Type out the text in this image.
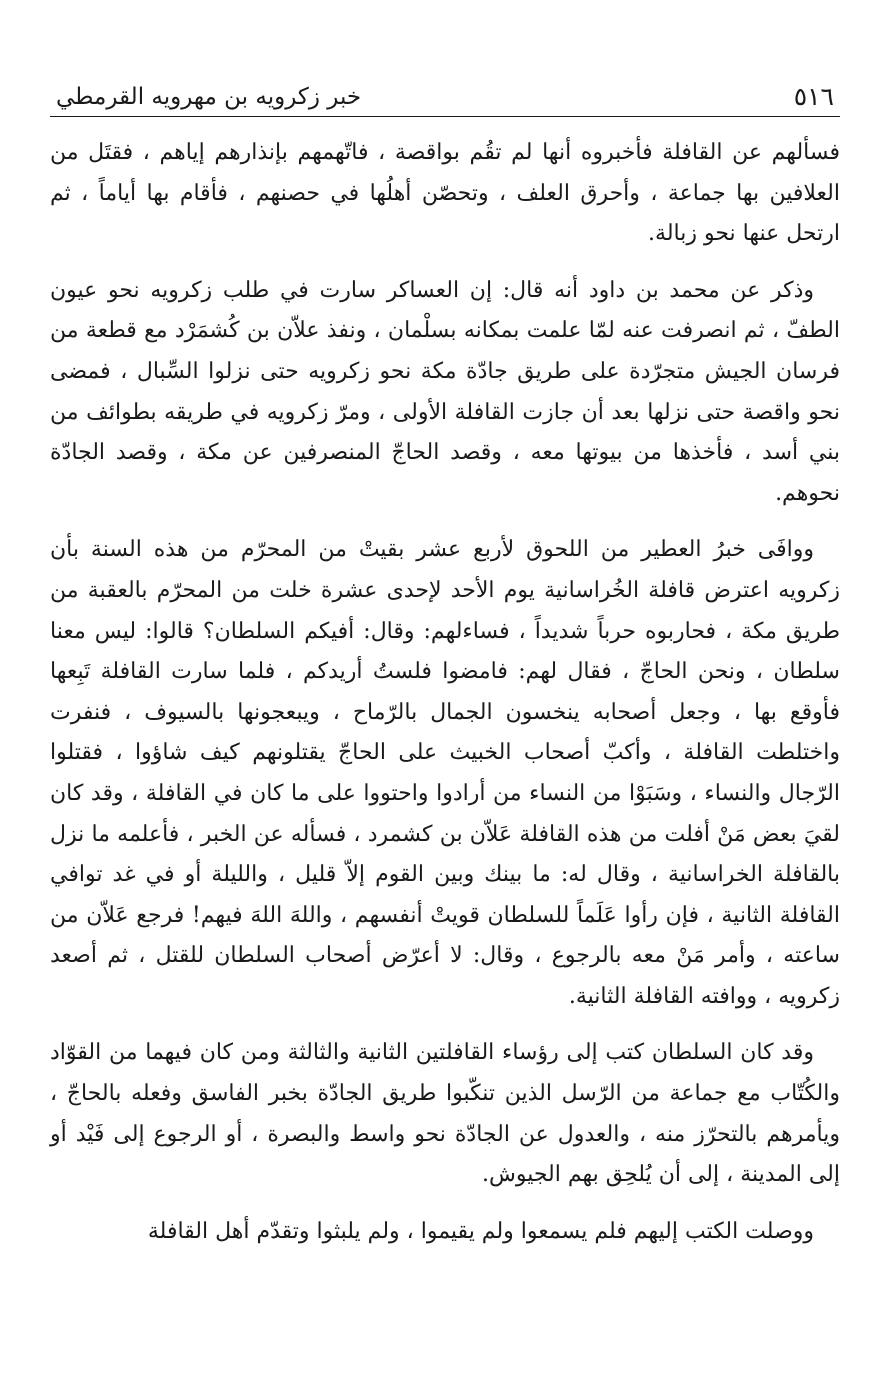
٥١٦
خبر زكرويه بن مهرويه القرمطي

فسألهم عن القافلة فأخبروه أنها لم تقُم بواقصة ، فاتّهمهم بإنذارهم إياهم ، فقتَل من العلافين بها جماعة ، وأحرق العلف ، وتحصّن أهلُها في حصنهم ، فأقام بها أياماً ، ثم ارتحل عنها نحو زبالة.

وذكر عن محمد بن داود أنه قال: إن العساكر سارت في طلب زكرويه نحو عيون الطفّ ، ثم انصرفت عنه لمّا علمت بمكانه بسلْمان ، ونفذ علاّن بن كُشمَرْد مع قطعة من فرسان الجيش متجرّدة على طريق جادّة مكة نحو زكرويه حتى نزلوا السِّبال ، فمضى نحو واقصة حتى نزلها بعد أن جازت القافلة الأولى ، ومرّ زكرويه في طريقه بطوائف من بني أسد ، فأخذها من بيوتها معه ، وقصد الحاجّ المنصرفين عن مكة ، وقصد الجادّة نحوهم.

ووافَى خبرُ العطير من اللحوق لأربع عشر بقيتْ من المحرّم من هذه السنة بأن زكرويه اعترض قافلة الخُراسانية يوم الأحد لإحدى عشرة خلت من المحرّم بالعقبة من طريق مكة ، فحاربوه حرباً شديداً ، فساءلهم: وقال: أفيكم السلطان؟ قالوا: ليس معنا سلطان ، ونحن الحاجّ ، فقال لهم: فامضوا فلستُ أريدكم ، فلما سارت القافلة تَبِعها فأوقع بها ، وجعل أصحابه ينخسون الجمال بالرّماح ، ويبعجونها بالسيوف ، فنفرت واختلطت القافلة ، وأكبّ أصحاب الخبيث على الحاجّ يقتلونهم كيف شاؤوا ، فقتلوا الرّجال والنساء ، وسَبَوْا من النساء من أرادوا واحتووا على ما كان في القافلة ، وقد كان لقيَ بعض مَنْ أفلت من هذه القافلة عَلاّن بن كشمرد ، فسأله عن الخبر ، فأعلمه ما نزل بالقافلة الخراسانية ، وقال له: ما بينك وبين القوم إلاّ قليل ، والليلة أو في غد توافي القافلة الثانية ، فإن رأوا عَلَماً للسلطان قويتْ أنفسهم ، واللهَ اللهَ فيهم! فرجع عَلاّن من ساعته ، وأمر مَنْ معه بالرجوع ، وقال: لا أعرّض أصحاب السلطان للقتل ، ثم أصعد زكرويه ، ووافته القافلة الثانية.

وقد كان السلطان كتب إلى رؤساء القافلتين الثانية والثالثة ومن كان فيهما من القوّاد والكُتّاب مع جماعة من الرّسل الذين تنكّبوا طريق الجادّة بخبر الفاسق وفعله بالحاجّ ، ويأمرهم بالتحرّز منه ، والعدول عن الجادّة نحو واسط والبصرة ، أو الرجوع إلى فَيْد أو إلى المدينة ، إلى أن يُلحِق بهم الجيوش.

ووصلت الكتب إليهم فلم يسمعوا ولم يقيموا ، ولم يلبثوا وتقدّم أهل القافلة
